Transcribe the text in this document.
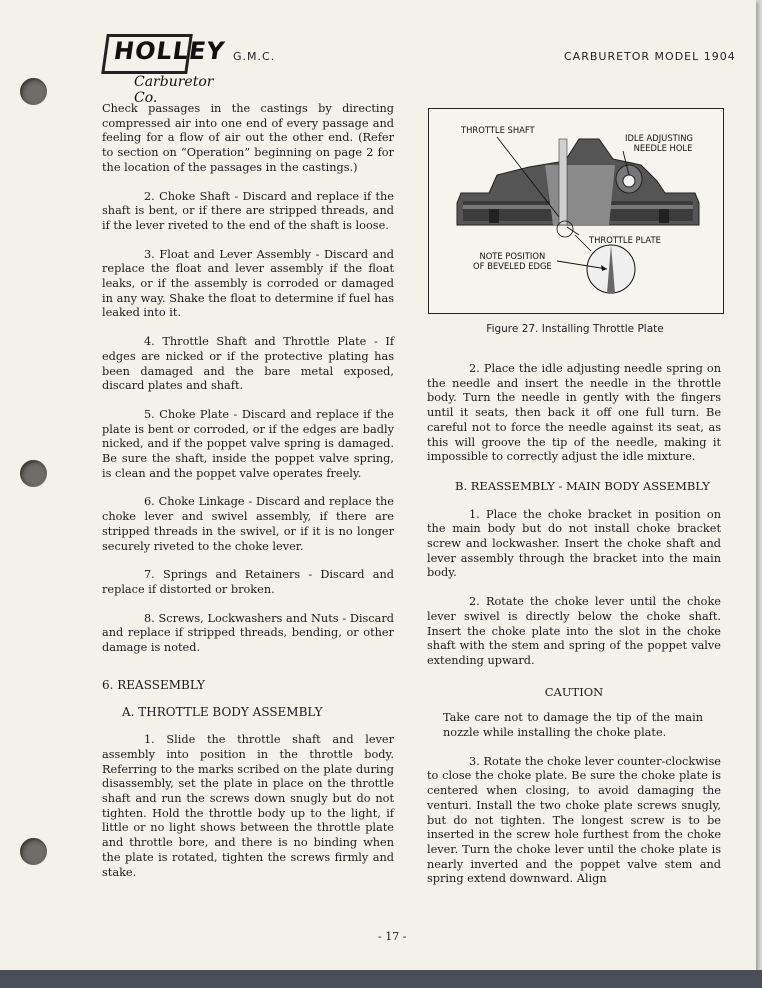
HOLLEY
Carburetor Co.
G.M.C.	CARBURETOR MODEL 1904

Check passages in the castings by directing compressed air into one end of every passage and feeling for a flow of air out the other end. (Refer to section on “Operation” beginning on page 2 for the location of the passages in the castings.)

2. Choke Shaft - Discard and replace if the shaft is bent, or if there are stripped threads, and if the lever riveted to the end of the shaft is loose.

3. Float and Lever Assembly - Discard and replace the float and lever assembly if the float leaks, or if the assembly is corroded or damaged in any way. Shake the float to determine if fuel has leaked into it.

4. Throttle Shaft and Throttle Plate - If edges are nicked or if the protective plating has been damaged and the bare metal exposed, discard plates and shaft.

5. Choke Plate - Discard and replace if the plate is bent or corroded, or if the edges are badly nicked, and if the poppet valve spring is damaged. Be sure the shaft, inside the poppet valve spring, is clean and the poppet valve operates freely.

6. Choke Linkage - Discard and replace the choke lever and swivel assembly, if there are stripped threads in the swivel, or if it is no longer securely riveted to the choke lever.

7. Springs and Retainers - Discard and replace if distorted or broken.

8. Screws, Lockwashers and Nuts - Discard and replace if stripped threads, bending, or other damage is noted.

6. REASSEMBLY

A. THROTTLE BODY ASSEMBLY

1. Slide the throttle shaft and lever assembly into position in the throttle body. Referring to the marks scribed on the plate during disassembly, set the plate in place on the throttle shaft and run the screws down snugly but do not tighten. Hold the throttle body up to the light, if little or no light shows between the throttle plate and throttle bore, and there is no binding when the plate is rotated, tighten the screws firmly and stake.

THROTTLE SHAFT
IDLE ADJUSTING
NEEDLE HOLE
THROTTLE PLATE
NOTE POSITION
OF BEVELED EDGE
Figure 27. Installing Throttle Plate

2. Place the idle adjusting needle spring on the needle and insert the needle in the throttle body. Turn the needle in gently with the fingers until it seats, then back it off one full turn. Be careful not to force the needle against its seat, as this will groove the tip of the needle, making it impossible to correctly adjust the idle mixture.

B. REASSEMBLY - MAIN BODY ASSEMBLY

1. Place the choke bracket in position on the main body but do not install choke bracket screw and lockwasher. Insert the choke shaft and lever assembly through the bracket into the main body.

2. Rotate the choke lever until the choke lever swivel is directly below the choke shaft. Insert the choke plate into the slot in the choke shaft with the stem and spring of the poppet valve extending upward.

CAUTION

Take care not to damage the tip of the main nozzle while installing the choke plate.

3. Rotate the choke lever counter-clockwise to close the choke plate. Be sure the choke plate is centered when closing, to avoid damaging the venturi. Install the two choke plate screws snugly, but do not tighten. The longest screw is to be inserted in the screw hole furthest from the choke lever. Turn the choke lever until the choke plate is nearly inverted and the poppet valve stem and spring extend downward. Align

- 17 -
